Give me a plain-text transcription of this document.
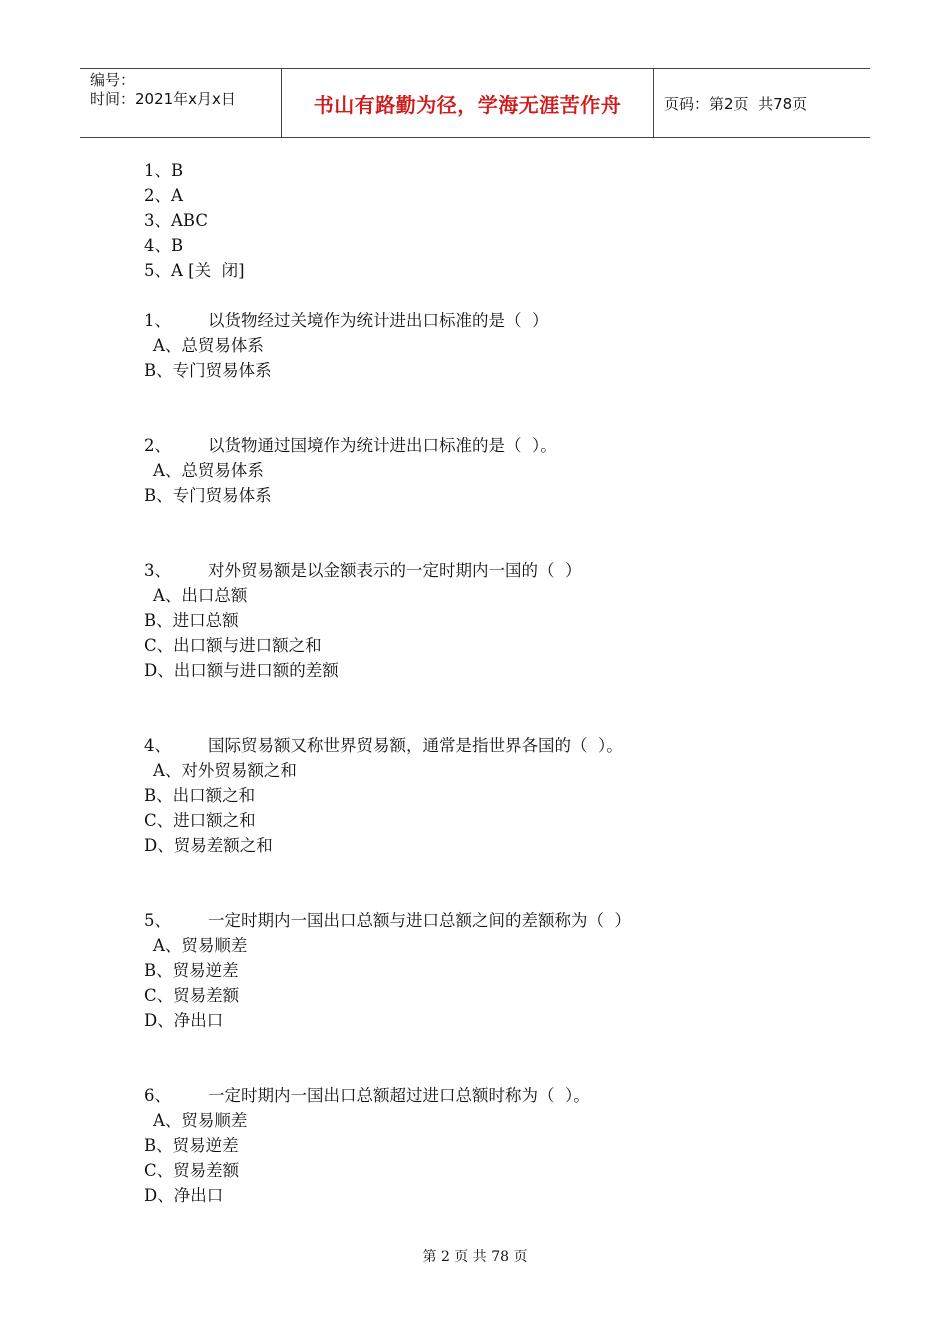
编号：
时间：2021年x月x日	书山有路勤为径，学海无涯苦作舟	页码：第2页  共78页
1、B
2、A
3、ABC
4、B
5、A [关  闭]
1、 以货物经过关境作为统计进出口标准的是（  ）
A、总贸易体系
B、专门贸易体系
2、 以货物通过国境作为统计进出口标准的是（  ）。
A、总贸易体系
B、专门贸易体系
3、 对外贸易额是以金额表示的一定时期内一国的（  ）
A、出口总额
B、进口总额
C、出口额与进口额之和
D、出口额与进口额的差额
4、 国际贸易额又称世界贸易额，通常是指世界各国的（  ）。
A、对外贸易额之和
B、出口额之和
C、进口额之和
D、贸易差额之和
5、 一定时期内一国出口总额与进口总额之间的差额称为（  ）
A、贸易顺差
B、贸易逆差
C、贸易差额
D、净出口
6、 一定时期内一国出口总额超过进口总额时称为（  ）。
A、贸易顺差
B、贸易逆差
C、贸易差额
D、净出口
第 2 页 共 78 页
